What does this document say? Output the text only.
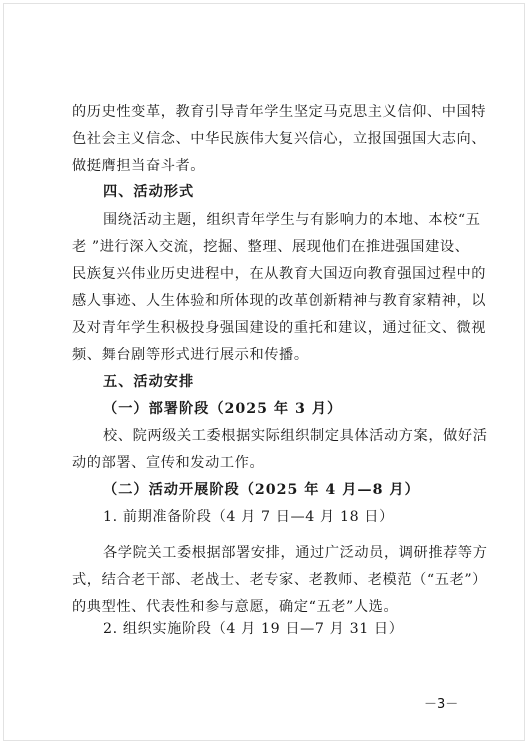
的历史性变革，教育引导青年学生坚定马克思主义信仰、中国特
色社会主义信念、中华民族伟大复兴信心，立报国强国大志向、
做挺膺担当奋斗者。
四、活动形式
围绕活动主题，组织青年学生与有影响力的本地、本校“五
老 ”进行深入交流，挖掘、整理、展现他们在推进强国建设、
民族复兴伟业历史进程中，在从教育大国迈向教育强国过程中的
感人事迹、人生体验和所体现的改革创新精神与教育家精神，以
及对青年学生积极投身强国建设的重托和建议，通过征文、微视
频、舞台剧等形式进行展示和传播。
五、活动安排
（一）部署阶段（2025 年 3 月）
校、院两级关工委根据实际组织制定具体活动方案，做好活
动的部署、宣传和发动工作。
（二）活动开展阶段（2025 年 4 月—8 月）
1. 前期准备阶段（4 月 7 日—4 月 18 日）
各学院关工委根据部署安排，通过广泛动员，调研推荐等方
式，结合老干部、老战士、老专家、老教师、老模范（“五老”）
的典型性、代表性和参与意愿，确定“五老”人选。
2. 组织实施阶段（4 月 19 日—7 月 31 日）
－3－
